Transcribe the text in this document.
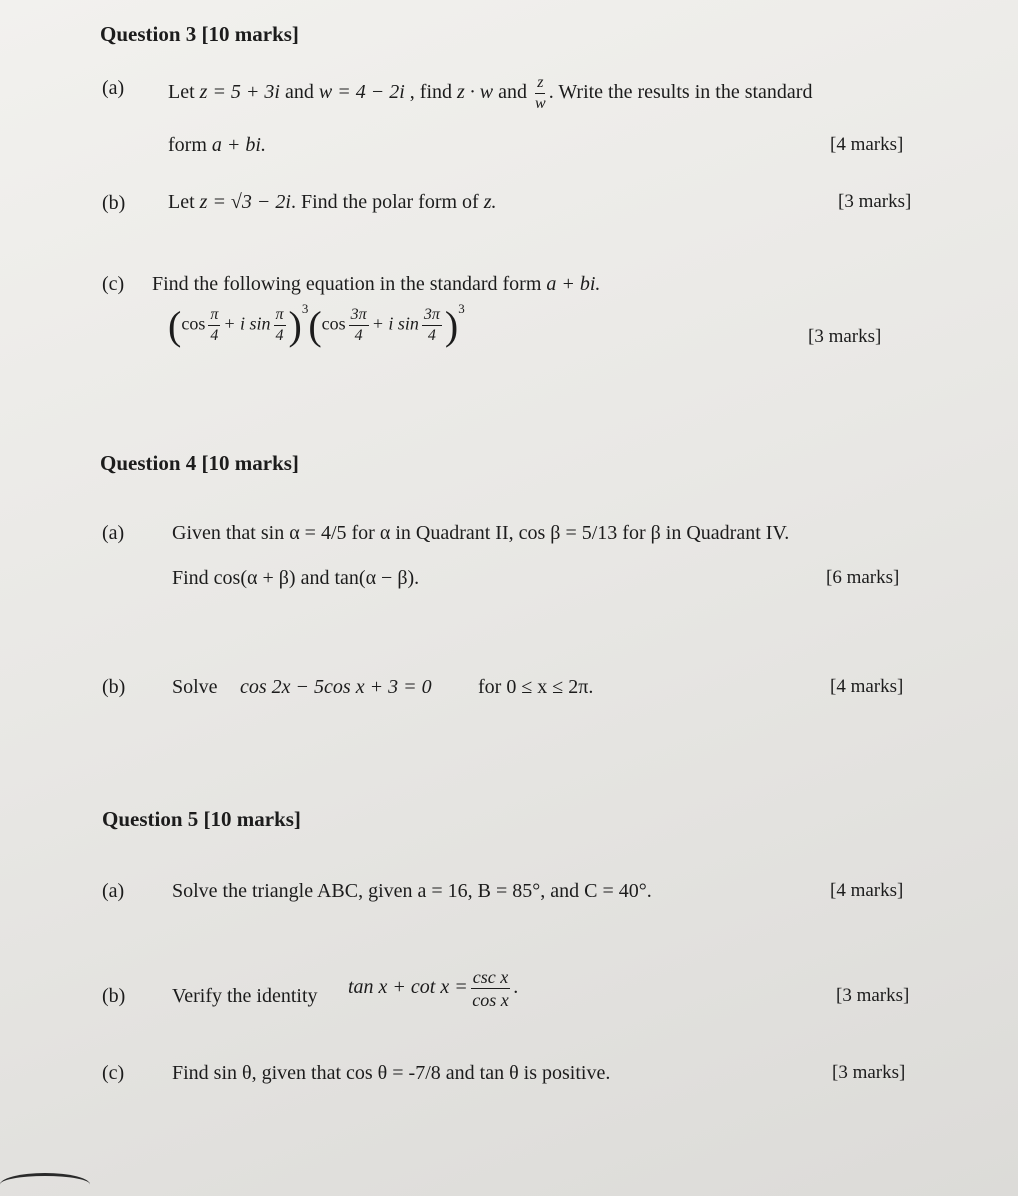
Question 3 [10 marks]
(a) Let z = 5 + 3i and w = 4 − 2i , find z · w and $\frac{z}{w}$ . Write the results in the standard
form a + bi.	[4 marks]
(b) Let z = √3 − 2i. Find the polar form of z.	[3 marks]
(c) Find the following equation in the standard form a + bi.
($\cos \frac{\pi}{4} + i$ $\sin \frac{\pi}{4} )^3(\cos \frac{3\pi}{4} + i$ $\sin \frac{3\pi}{4} )^3$
[3 marks]
Question 4 [10 marks]
(a) Given that sin α = 4/5 for α in Quadrant II, cos β = 5/13 for β in Quadrant IV.
Find cos(α + β) and tan(α − β).	[6 marks]
(b) Solve cos 2x − 5cos x + 3 = 0 for 0 ≤ x ≤ 2π.	[4 marks]
Question 5 [10 marks]
(a) Solve the triangle ABC, given a = 16, B = 85°, and C = 40°.	[4 marks]
(b) Verify the identity $\tan x + \cot x = \frac{\text{csc x}}{\text{cos x}}$ .	[3 marks]
(c) Find sin θ, given that cos θ = -7/8 and tan θ is positive.	[3 marks]
